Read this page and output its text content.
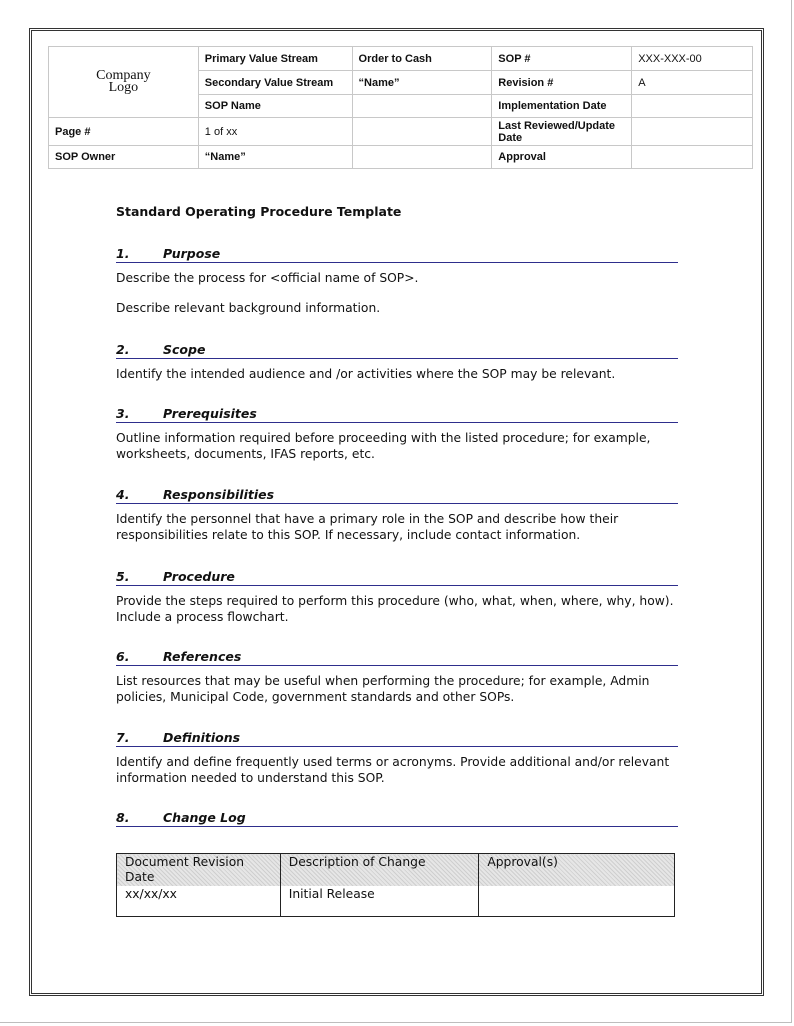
Company Logo	Primary Value Stream	Order to Cash	SOP #	XXX-XXX-00
	Secondary Value Stream	“Name”	Revision #	A
	SOP Name		Implementation Date	
Page #	1 of xx		Last Reviewed/Update Date	
SOP Owner	“Name”		Approval	
Standard Operating Procedure Template
1.	Purpose

Describe the process for <official name of SOP>.

Describe relevant background information.

2.	Scope

Identify the intended audience and /or activities where the SOP may be relevant.

3.	Prerequisites

Outline information required before proceeding with the listed procedure; for example, worksheets, documents, IFAS reports, etc.

4.	Responsibilities

Identify the personnel that have a primary role in the SOP and describe how their responsibilities relate to this SOP. If necessary, include contact information.

5.	Procedure

Provide the steps required to perform this procedure (who, what, when, where, why, how). Include a process flowchart.

6.	References

List resources that may be useful when performing the procedure; for example, Admin policies, Municipal Code, government standards and other SOPs.

7.	Definitions

Identify and define frequently used terms or acronyms. Provide additional and/or relevant information needed to understand this SOP.

8.	Change Log
Document Revision Date	Description of Change	Approval(s)
xx/xx/xx	Initial Release	
